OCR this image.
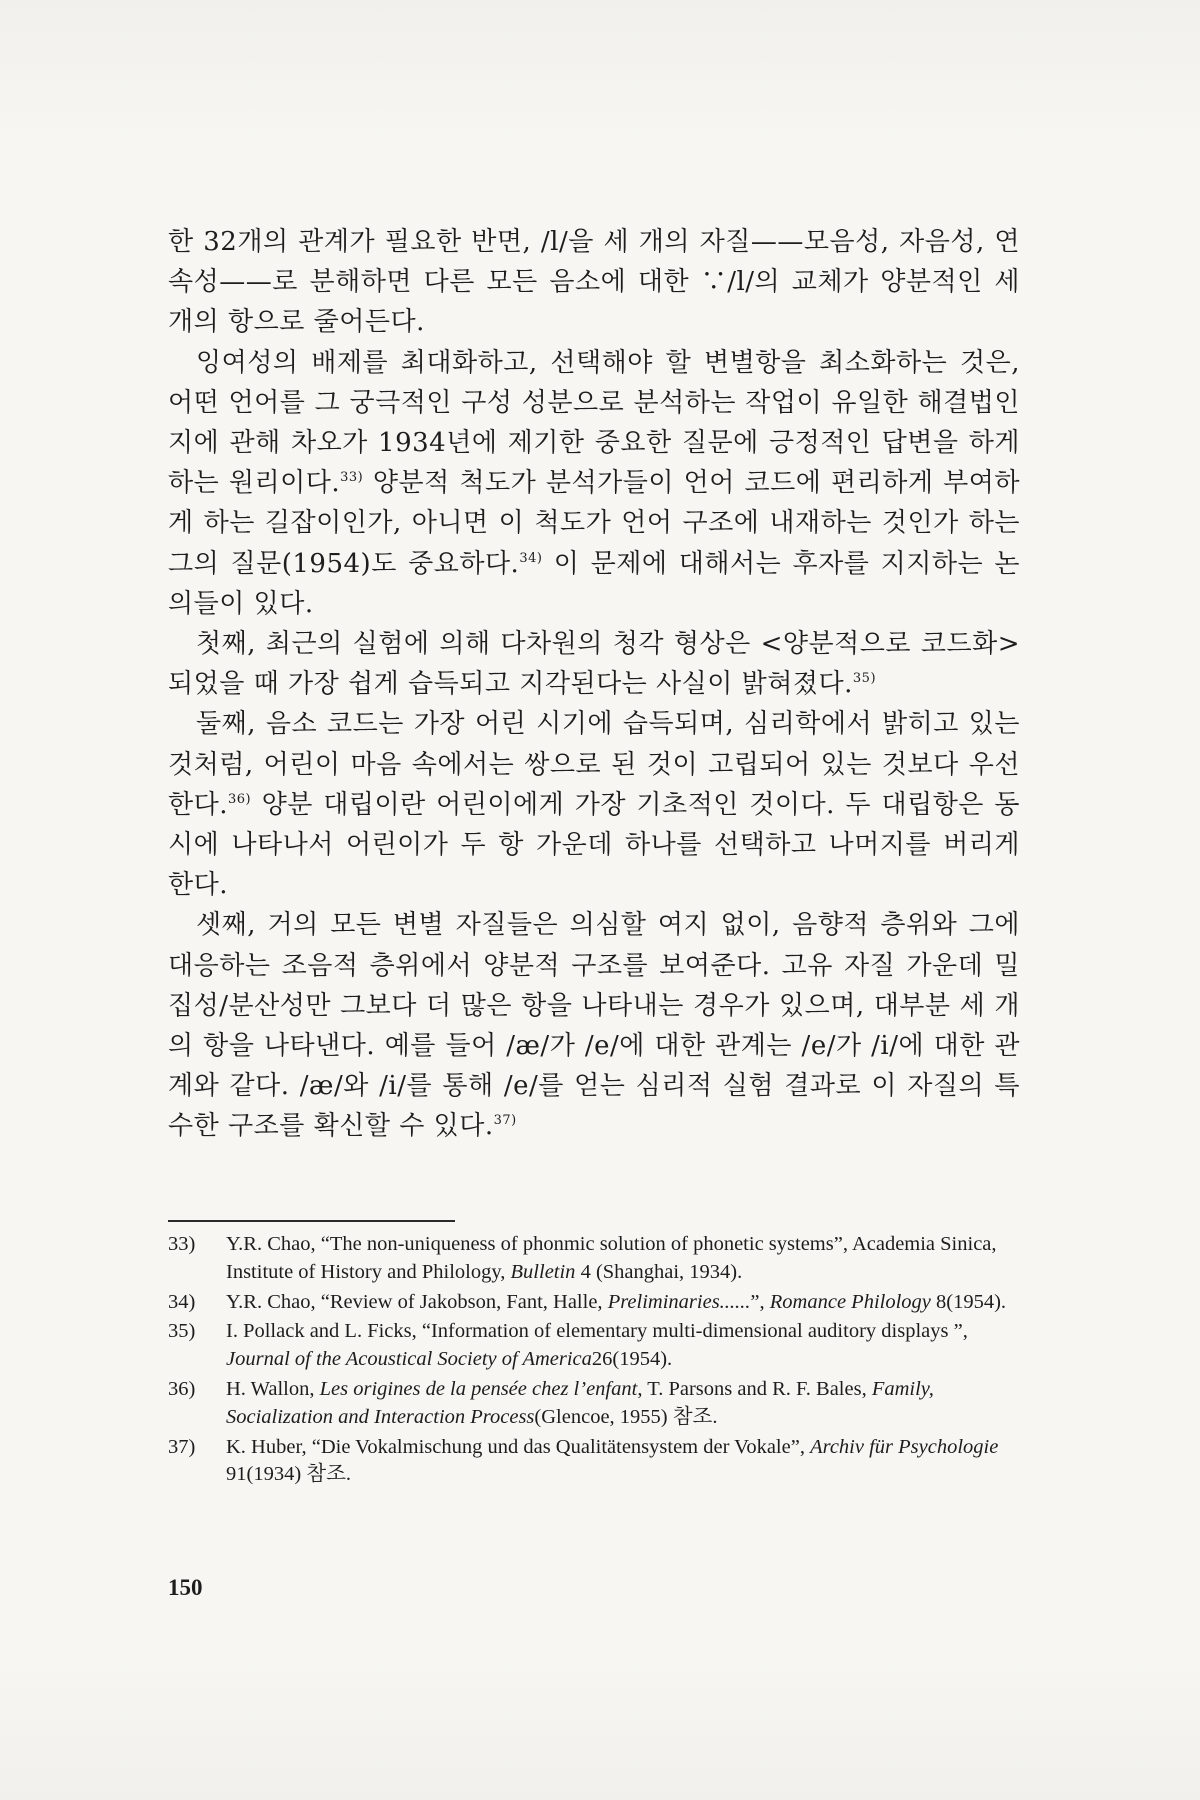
한 32개의 관계가 필요한 반면, /l/을 세 개의 자질——모음성, 자음성, 연속성——로 분해하면 다른 모든 음소에 대한 ∵/l/의 교체가 양분적인 세 개의 항으로 줄어든다.

잉여성의 배제를 최대화하고, 선택해야 할 변별항을 최소화하는 것은, 어떤 언어를 그 궁극적인 구성 성분으로 분석하는 작업이 유일한 해결법인지에 관해 차오가 1934년에 제기한 중요한 질문에 긍정적인 답변을 하게 하는 원리이다.$^{33)}$ 양분적 척도가 분석가들이 언어 코드에 편리하게 부여하게 하는 길잡이인가, 아니면 이 척도가 언어 구조에 내재하는 것인가 하는 그의 질문(1954)도 중요하다.$^{34)}$ 이 문제에 대해서는 후자를 지지하는 논의들이 있다.

첫째, 최근의 실험에 의해 다차원의 청각 형상은 <양분적으로 코드화>되었을 때 가장 쉽게 습득되고 지각된다는 사실이 밝혀졌다.$^{35)}$

둘째, 음소 코드는 가장 어린 시기에 습득되며, 심리학에서 밝히고 있는 것처럼, 어린이 마음 속에서는 쌍으로 된 것이 고립되어 있는 것보다 우선한다.$^{36)}$ 양분 대립이란 어린이에게 가장 기초적인 것이다. 두 대립항은 동시에 나타나서 어린이가 두 항 가운데 하나를 선택하고 나머지를 버리게 한다.

셋째, 거의 모든 변별 자질들은 의심할 여지 없이, 음향적 층위와 그에 대응하는 조음적 층위에서 양분적 구조를 보여준다. 고유 자질 가운데 밀집성/분산성만 그보다 더 많은 항을 나타내는 경우가 있으며, 대부분 세 개의 항을 나타낸다. 예를 들어 /æ/가 /e/에 대한 관계는 /e/가 /i/에 대한 관계와 같다. /æ/와 /i/를 통해 /e/를 얻는 심리적 실험 결과로 이 자질의 특수한 구조를 확신할 수 있다.$^{37)}$

33) Y.R. Chao, “The non-uniqueness of phonmic solution of phonetic systems”, Academia Sinica, Institute of History and Philology, Bulletin 4 (Shanghai, 1934).
34) Y.R. Chao, “Review of Jakobson, Fant, Halle, Preliminaries......”, Romance Philology 8(1954).
35) I. Pollack and L. Ficks, “Information of elementary multi-dimensional auditory displays ”, Journal of the Acoustical Society of America26(1954).
36) H. Wallon, Les origines de la pensée chez l’enfant, T. Parsons and R. F. Bales, Family, Socialization and Interaction Process(Glencoe, 1955) 참조.
37) K. Huber, “Die Vokalmischung und das Qualitätensystem der Vokale”, Archiv für Psychologie 91(1934) 참조.
150
